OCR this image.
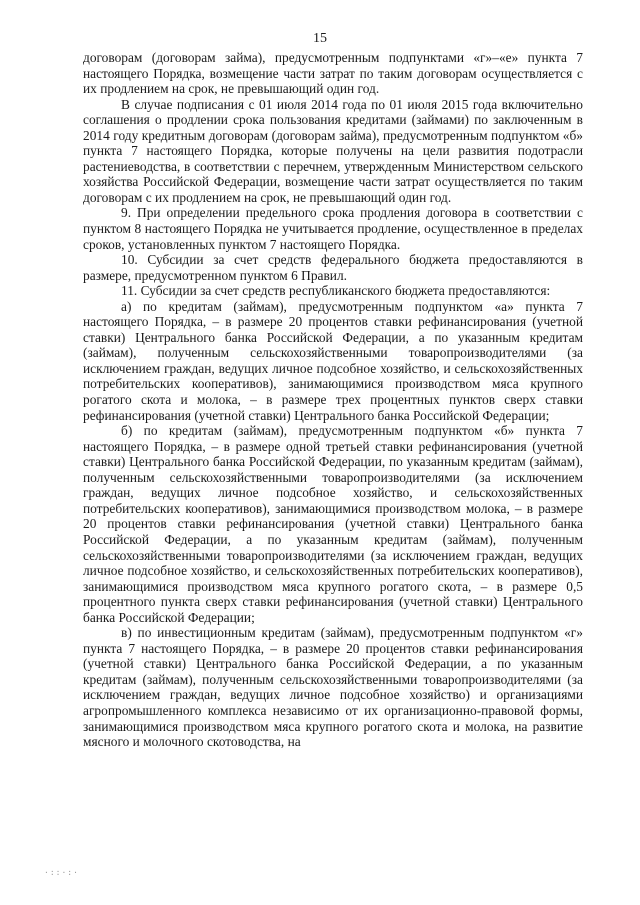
15

договорам (договорам займа), предусмотренным подпунктами «г»–«е» пункта 7 настоящего Порядка, возмещение части затрат по таким договорам осуществляется с их продлением на срок, не превышающий один год.

В случае подписания с 01 июля 2014 года по 01 июля 2015 года включительно соглашения о продлении срока пользования кредитами (займами) по заключенным в 2014 году кредитным договорам (договорам займа), предусмотренным подпунктом «б» пункта 7 настоящего Порядка, которые получены на цели развития подотрасли растениеводства, в соответствии с перечнем, утвержденным Министерством сельского хозяйства Российской Федерации, возмещение части затрат осуществляется по таким договорам с их продлением на срок, не превышающий один год.

9. При определении предельного срока продления договора в соответствии с пунктом 8 настоящего Порядка не учитывается продление, осуществленное в пределах сроков, установленных пунктом 7 настоящего Порядка.

10. Субсидии за счет средств федерального бюджета предоставляются в размере, предусмотренном пунктом 6 Правил.

11. Субсидии за счет средств республиканского бюджета предоставляются:

а) по кредитам (займам), предусмотренным подпунктом «а» пункта 7 настоящего Порядка, – в размере 20 процентов ставки рефинансирования (учетной ставки) Центрального банка Российской Федерации, а по указанным кредитам (займам), полученным сельскохозяйственными товаропроизводителями (за исключением граждан, ведущих личное подсобное хозяйство, и сельскохозяйственных потребительских кооперативов), занимающимися производством мяса крупного рогатого скота и молока, – в размере трех процентных пунктов сверх ставки рефинансирования (учетной ставки) Центрального банка Российской Федерации;

б) по кредитам (займам), предусмотренным подпунктом «б» пункта 7 настоящего Порядка, – в размере одной третьей ставки рефинансирования (учетной ставки) Центрального банка Российской Федерации, по указанным кредитам (займам), полученным сельскохозяйственными товаропроизводителями (за исключением граждан, ведущих личное подсобное хозяйство, и сельскохозяйственных потребительских кооперативов), занимающимися производством молока, – в размере 20 процентов ставки рефинансирования (учетной ставки) Центрального банка Российской Федерации, а по указанным кредитам (займам), полученным сельскохозяйственными товаропроизводителями (за исключением граждан, ведущих личное подсобное хозяйство, и сельскохозяйственных потребительских кооперативов), занимающимися производством мяса крупного рогатого скота, – в размере 0,5 процентного пункта сверх ставки рефинансирования (учетной ставки) Центрального банка Российской Федерации;

в) по инвестиционным кредитам (займам), предусмотренным подпунктом «г» пункта 7 настоящего Порядка, – в размере 20 процентов ставки рефинансирования (учетной ставки) Центрального банка Российской Федерации, а по указанным кредитам (займам), полученным сельскохозяйственными товаропроизводителями (за исключением граждан, ведущих личное подсобное хозяйство) и организациями агропромышленного комплекса независимо от их организационно-правовой формы, занимающимися производством мяса крупного рогатого скота и молока, на развитие мясного и молочного скотоводства, на

·::·:·
